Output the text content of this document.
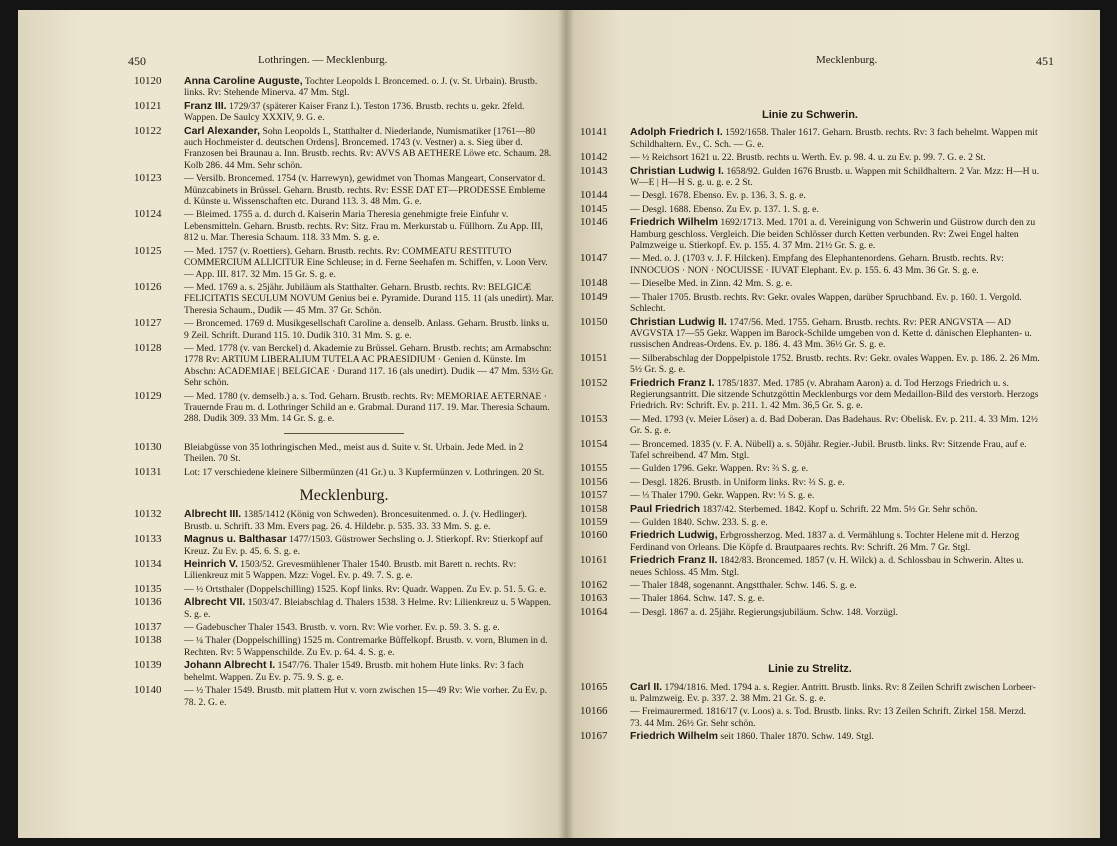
450	Lothringen. — Mecklenburg.
10120 Anna Caroline Auguste, Tochter Leopolds I. Broncemed. o. J. (v. St. Urbain). Brustb. links. Rv: Stehende Minerva. 47 Mm. Stgl.
10121 Franz III. 1729/37 (späterer Kaiser Franz I.). Teston 1736. Brustb. rechts u. gekr. 2feld. Wappen. De Saulcy XXXIV, 9. G. e.
10122 Carl Alexander, Sohn Leopolds I., Statthalter d. Niederlande, Numismatiker [1761—80 auch Hochmeister d. deutschen Ordens]. Broncemed. 1743 (v. Vestner) a. s. Sieg über d. Franzosen bei Braunau a. Inn. Brustb. rechts. Rv: AVVS AB AETHERE Löwe etc. Schaum. 28. Kolb 286. 44 Mm. Sehr schön.
10123 — Versilb. Broncemed. 1754 (v. Harrewyn), gewidmet von Thomas Mangeart, Conservator d. Münzcabinets in Brüssel. Geharn. Brustb. rechts. Rv: ESSE DAT ET—PRODESSE Embleme d. Künste u. Wissenschaften etc. Durand 113. 3. 48 Mm. G. e.
10124 — Bleimed. 1755 a. d. durch d. Kaiserin Maria Theresia genehmigte freie Einfuhr v. Lebensmitteln. Geharn. Brustb. rechts. Rv: Sitz. Frau m. Merkurstab u. Füllhorn. Zu App. III, 812 u. Mar. Theresia Schaum. 118. 33 Mm. S. g. e.
10125 — Med. 1757 (v. Roettiers). Geharn. Brustb. rechts. Rv: COMMEATU RESTITUTO COMMERCIUM ALLICITUR Eine Schleuse; in d. Ferne Seehafen m. Schiffen, v. Loon Verv. — App. III. 817. 32 Mm. 15 Gr. S. g. e.
10126 — Med. 1769 a. s. 25jähr. Jubiläum als Statthalter. Geharn. Brustb. rechts. Rv: BELGICÆ FELICITATIS SECULUM NOVUM Genius bei e. Pyramide. Durand 115. 11 (als unedirt). Mar. Theresia Schaum., Dudik — 45 Mm. 37 Gr. Schön.
10127 — Broncemed. 1769 d. Musikgesellschaft Caroline a. denselb. Anlass. Geharn. Brustb. links u. 9 Zeil. Schrift. Durand 115. 10. Dudik 310. 31 Mm. S. g. e.
10128 — Med. 1778 (v. van Berckel) d. Akademie zu Brüssel. Geharn. Brustb. rechts; am Armabschn: 1778 Rv: ARTIUM LIBERALIUM TUTELA AC PRAESIDIUM · Genien d. Künste. Im Abschn: ACADEMIAE | BELGICAE · Durand 117. 16 (als unedirt). Dudik — 47 Mm. 53½ Gr. Sehr schön.
10129 — Med. 1780 (v. demselb.) a. s. Tod. Geharn. Brustb. rechts. Rv: MEMORIAE AETERNAE · Trauernde Frau m. d. Lothringer Schild an e. Grabmal. Durand 117. 19. Mar. Theresia Schaum. 288. Dudik 309. 33 Mm. 14 Gr. S. g. e.
10130 Bleiabgüsse von 35 lothringischen Med., meist aus d. Suite v. St. Urbain. Jede Med. in 2 Theilen. 70 St.
10131 Lot: 17 verschiedene kleinere Silbermünzen (41 Gr.) u. 3 Kupfermünzen v. Lothringen. 20 St.
Mecklenburg.
10132 Albrecht III. 1385/1412 (König von Schweden). Broncesuitenmed. o. J. (v. Hedlinger). Brustb. u. Schrift. 33 Mm. Evers pag. 26. 4. Hildebr. p. 535. 33. 33 Mm. S. g. e.
10133 Magnus u. Balthasar 1477/1503. Güstrower Sechsling o. J. Stierkopf. Rv: Stierkopf auf Kreuz. Zu Ev. p. 45. 6. S. g. e.
10134 Heinrich V. 1503/52. Grevesmühlener Thaler 1540. Brustb. mit Barett n. rechts. Rv: Lilienkreuz mit 5 Wappen. Mzz: Vogel. Ev. p. 49. 7. S. g. e.
10135 — ½ Ortsthaler (Doppelschilling) 1525. Kopf links. Rv: Quadr. Wappen. Zu Ev. p. 51. 5. G. e.
10136 Albrecht VII. 1503/47. Bleiabschlag d. Thalers 1538. 3 Helme. Rv: Lilienkreuz u. 5 Wappen. S. g. e.
10137 — Gadebuscher Thaler 1543. Brustb. v. vorn. Rv: Wie vorher. Ev. p. 59. 3. S. g. e.
10138 — ¼ Thaler (Doppelschilling) 1525 m. Contremarke Büffelkopf. Brustb. v. vorn, Blumen in d. Rechten. Rv: 5 Wappenschilde. Zu Ev. p. 64. 4. S. g. e.
10139 Johann Albrecht I. 1547/76. Thaler 1549. Brustb. mit hohem Hute links. Rv: 3 fach behelmt. Wappen. Zu Ev. p. 75. 9. S. g. e.
10140 — ½ Thaler 1549. Brustb. mit plattem Hut v. vorn zwischen 15—49 Rv: Wie vorher. Zu Ev. p. 78. 2. G. e.
Mecklenburg.	451
Linie zu Schwerin.
10141 Adolph Friedrich I. 1592/1658. Thaler 1617. Geharn. Brustb. rechts. Rv: 3 fach behelmt. Wappen mit Schildhaltern. Ev., C. Sch. — G. e.
10142 — ½ Reichsort 1621 u. 22. Brustb. rechts u. Werth. Ev. p. 98. 4. u. zu Ev. p. 99. 7. G. e. 2 St.
10143 Christian Ludwig I. 1658/92. Gulden 1676 Brustb. u. Wappen mit Schildhaltern. 2 Var. Mzz: H—H u. W—E | H—H S. g. u. g. e. 2 St.
10144 — Desgl. 1678. Ebenso. Ev. p. 136. 3. S. g. e.
10145 — Desgl. 1688. Ebenso. Zu Ev. p. 137. 1. S. g. e.
10146 Friedrich Wilhelm 1692/1713. Med. 1701 a. d. Vereinigung von Schwerin und Güstrow durch den zu Hamburg geschloss. Vergleich. Die beiden Schlösser durch Ketten verbunden. Rv: Zwei Engel halten Palmzweige u. Stierkopf. Ev. p. 155. 4. 37 Mm. 21½ Gr. S. g. e.
10147 — Med. o. J. (1703 v. J. F. Hilcken). Empfang des Elephantenordens. Geharn. Brustb. rechts. Rv: INNOCUOS · NON · NOCUISSE · IUVAT Elephant. Ev. p. 155. 6. 43 Mm. 36 Gr. S. g. e.
10148 — Dieselbe Med. in Zinn. 42 Mm. S. g. e.
10149 — Thaler 1705. Brustb. rechts. Rv: Gekr. ovales Wappen, darüber Spruchband. Ev. p. 160. 1. Vergold. Schlecht.
10150 Christian Ludwig II. 1747/56. Med. 1755. Geharn. Brustb. rechts. Rv: PER ANGVSTA — AD AVGVSTA 17—55 Gekr. Wappen im Barock-Schilde umgeben von d. Kette d. dänischen Elephanten- u. russischen Andreas-Ordens. Ev. p. 186. 4. 43 Mm. 36½ Gr. S. g. e.
10151 — Silberabschlag der Doppelpistole 1752. Brustb. rechts. Rv: Gekr. ovales Wappen. Ev. p. 186. 2. 26 Mm. 5½ Gr. S. g. e.
10152 Friedrich Franz I. 1785/1837. Med. 1785 (v. Abraham Aaron) a. d. Tod Herzogs Friedrich u. s. Regierungsantritt. Die sitzende Schutzgöttin Mecklenburgs vor dem Medaillon-Bild des verstorb. Herzogs Friedrich. Rv: Schrift. Ev. p. 211. 1. 42 Mm. 36,5 Gr. S. g. e.
10153 — Med. 1793 (v. Meier Löser) a. d. Bad Doberan. Das Badehaus. Rv: Obelisk. Ev. p. 211. 4. 33 Mm. 12½ Gr. S. g. e.
10154 — Broncemed. 1835 (v. F. A. Nübell) a. s. 50jähr. Regier.-Jubil. Brustb. links. Rv: Sitzende Frau, auf e. Tafel schreibend. 47 Mm. Stgl.
10155 — Gulden 1796. Gekr. Wappen. Rv: ⅔ S. g. e.
10156 — Desgl. 1826. Brustb. in Uniform links. Rv: ⅔ S. g. e.
10157 — ⅓ Thaler 1790. Gekr. Wappen. Rv: ⅓ S. g. e.
10158 Paul Friedrich 1837/42. Sterbemed. 1842. Kopf u. Schrift. 22 Mm. 5½ Gr. Sehr schön.
10159 — Gulden 1840. Schw. 233. S. g. e.
10160 Friedrich Ludwig, Erbgrossherzog. Med. 1837 a. d. Vermählung s. Tochter Helene mit d. Herzog Ferdinand von Orleans. Die Köpfe d. Brautpaares rechts. Rv: Schrift. 26 Mm. 7 Gr. Stgl.
10161 Friedrich Franz II. 1842/83. Broncemed. 1857 (v. H. Wilck) a. d. Schlossbau in Schwerin. Altes u. neues Schloss. 45 Mm. Stgl.
10162 — Thaler 1848, sogenannt. Angstthaler. Schw. 146. S. g. e.
10163 — Thaler 1864. Schw. 147. S. g. e.
10164 — Desgl. 1867 a. d. 25jähr. Regierungsjubiläum. Schw. 148. Vorzügl.
Linie zu Strelitz.
10165 Carl II. 1794/1816. Med. 1794 a. s. Regier. Antritt. Brustb. links. Rv: 8 Zeilen Schrift zwischen Lorbeer- u. Palmzweig. Ev. p. 337. 2. 38 Mm. 21 Gr. S. g. e.
10166 — Freimaurermed. 1816/17 (v. Loos) a. s. Tod. Brustb. links. Rv: 13 Zeilen Schrift. Zirkel 158. Merzd. 73. 44 Mm. 26½ Gr. Sehr schön.
10167 Friedrich Wilhelm seit 1860. Thaler 1870. Schw. 149. Stgl.
